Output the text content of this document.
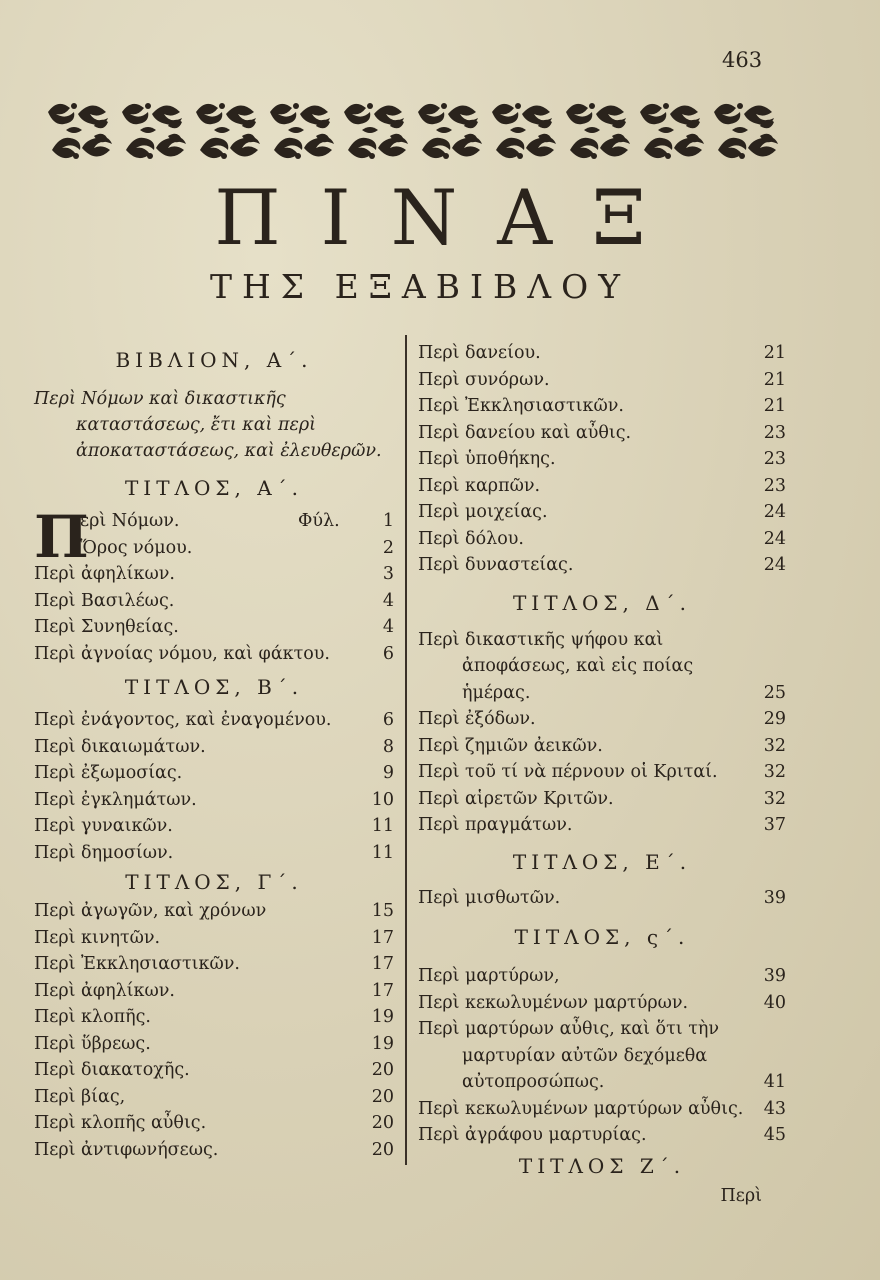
463
ΠΙΝΑΞ
ΤΗΣ ΕΞΑΒΙΒΛΟΥ
ΒΙΒΛΙΟΝ, Α΄.
Περὶ Νόμων καὶ δικαστικῆς καταστάσεως, ἔτι καὶ περὶ ἀποκαταστάσεως, καὶ ἐλευθερῶν.
ΤΙΤΛΟΣ, Α΄.
Π
ερὶ Νόμων.	Φύλ. 1
Ὅρος νόμου.	2
Περὶ ἀφηλίκων.	3
Περὶ Βασιλέως.	4
Περὶ Συνηθείας.	4
Περὶ ἀγνοίας νόμου, καὶ φάκτου.	6
ΤΙΤΛΟΣ, Β΄.
Περὶ ἐνάγοντος, καὶ ἐναγομένου.	6
Περὶ δικαιωμάτων.	8
Περὶ ἐξωμοσίας.	9
Περὶ ἐγκλημάτων.	10
Περὶ γυναικῶν.	11
Περὶ δημοσίων.	11
ΤΙΤΛΟΣ, Γ΄.
Περὶ ἀγωγῶν, καὶ χρόνων	15
Περὶ κινητῶν.	17
Περὶ Ἐκκλησιαστικῶν.	17
Περὶ ἀφηλίκων.	17
Περὶ κλοπῆς.	19
Περὶ ὕβρεως.	19
Περὶ διακατοχῆς.	20
Περὶ βίας,	20
Περὶ κλοπῆς αὖθις.	20
Περὶ ἀντιφωνήσεως.	20
Περὶ δανείου.	21
Περὶ συνόρων.	21
Περὶ Ἐκκλησιαστικῶν.	21
Περὶ δανείου καὶ αὖθις.	23
Περὶ ὑποθήκης.	23
Περὶ καρπῶν.	23
Περὶ μοιχείας.	24
Περὶ δόλου.	24
Περὶ δυναστείας.	24
ΤΙΤΛΟΣ, Δ΄.
Περὶ δικαστικῆς ψήφου καὶ ἀποφάσεως, καὶ εἰς ποίας ἡμέρας.	25
Περὶ ἐξόδων.	29
Περὶ ζημιῶν ἀεικῶν.	32
Περὶ τοῦ τί νὰ πέρνουν οἱ Κριταί.	32
Περὶ αἱρετῶν Κριτῶν.	32
Περὶ πραγμάτων.	37
ΤΙΤΛΟΣ, Ε΄.
Περὶ μισθωτῶν.	39
ΤΙΤΛΟΣ, ς΄.
Περὶ μαρτύρων,	39
Περὶ κεκωλυμένων μαρτύρων.	40
Περὶ μαρτύρων αὖθις, καὶ ὅτι τὴν μαρτυρίαν αὐτῶν δεχόμεθα αὐτοπροσώπως.	41
Περὶ κεκωλυμένων μαρτύρων αὖθις. 43
Περὶ ἀγράφου μαρτυρίας.	45
ΤΙΤΛΟΣ Ζ΄.
Περὶ
